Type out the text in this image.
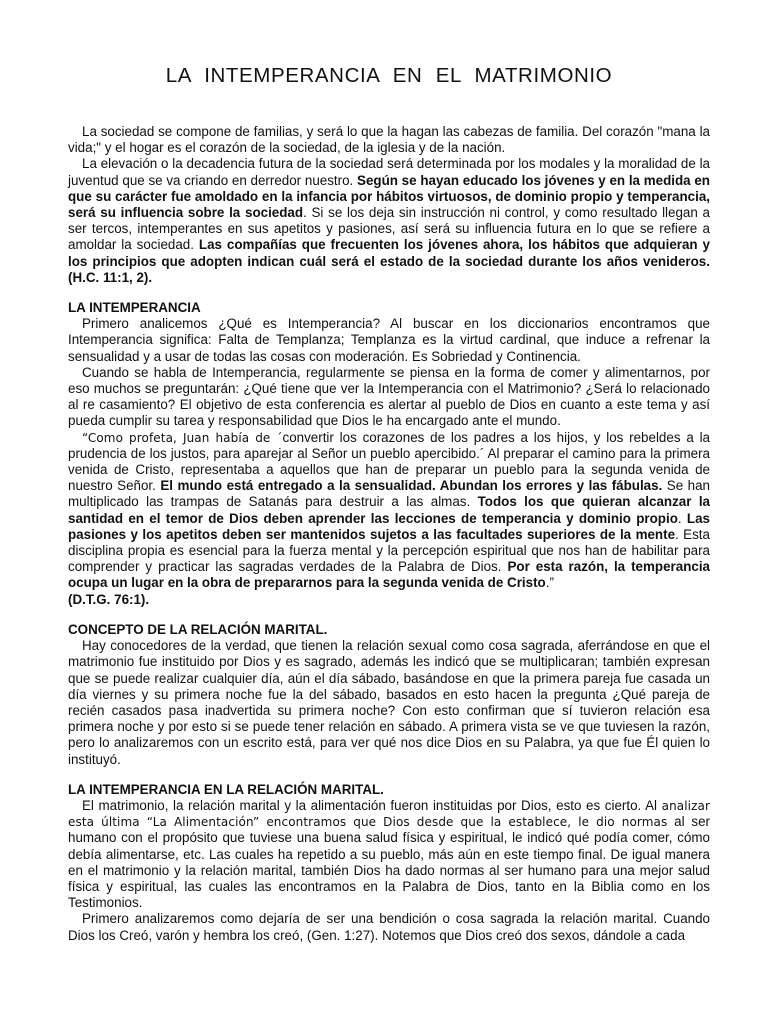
LA INTEMPERANCIA EN EL MATRIMONIO

La sociedad se compone de familias, y será lo que la hagan las cabezas de familia. Del corazón "mana la vida;" y el hogar es el corazón de la sociedad, de la iglesia y de la nación.

La elevación o la decadencia futura de la sociedad será determinada por los modales y la moralidad de la juventud que se va criando en derredor nuestro. Según se hayan educado los jóvenes y en la medida en que su carácter fue amoldado en la infancia por hábitos virtuosos, de dominio propio y temperancia, será su influencia sobre la sociedad. Si se los deja sin instrucción ni control, y como resultado llegan a ser tercos, intemperantes en sus apetitos y pasiones, así será su influencia futura en lo que se refiere a amoldar la sociedad. Las compañías que frecuenten los jóvenes ahora, los hábitos que adquieran y los principios que adopten indican cuál será el estado de la sociedad durante los años venideros. (H.C. 11:1, 2).

LA INTEMPERANCIA

Primero analicemos ¿Qué es Intemperancia? Al buscar en los diccionarios encontramos que Intemperancia significa: Falta de Templanza; Templanza es la virtud cardinal, que induce a refrenar la sensualidad y a usar de todas las cosas con moderación. Es Sobriedad y Continencia.

Cuando se habla de Intemperancia, regularmente se piensa en la forma de comer y alimentarnos, por eso muchos se preguntarán: ¿Qué tiene que ver la Intemperancia con el Matrimonio? ¿Será lo relacionado al re casamiento? El objetivo de esta conferencia es alertar al pueblo de Dios en cuanto a este tema y así pueda cumplir su tarea y responsabilidad que Dios le ha encargado ante el mundo.

“Como profeta, Juan había de ´convertir los corazones de los padres a los hijos, y los rebeldes a la prudencia de los justos, para aparejar al Señor un pueblo apercibido.´ Al preparar el camino para la primera venida de Cristo, representaba a aquellos que han de preparar un pueblo para la segunda venida de nuestro Señor. El mundo está entregado a la sensualidad. Abundan los errores y las fábulas. Se han multiplicado las trampas de Satanás para destruir a las almas. Todos los que quieran alcanzar la santidad en el temor de Dios deben aprender las lecciones de temperancia y dominio propio. Las pasiones y los apetitos deben ser mantenidos sujetos a las facultades superiores de la mente. Esta disciplina propia es esencial para la fuerza mental y la percepción espiritual que nos han de habilitar para comprender y practicar las sagradas verdades de la Palabra de Dios. Por esta razón, la temperancia ocupa un lugar en la obra de prepararnos para la segunda venida de Cristo.”
(D.T.G. 76:1).

CONCEPTO DE LA RELACIÓN MARITAL.

Hay conocedores de la verdad, que tienen la relación sexual como cosa sagrada, aferrándose en que el matrimonio fue instituido por Dios y es sagrado, además les indicó que se multiplicaran; también expresan que se puede realizar cualquier día, aún el día sábado, basándose en que la primera pareja fue casada un día viernes y su primera noche fue la del sábado, basados en esto hacen la pregunta ¿Qué pareja de recién casados pasa inadvertida su primera noche? Con esto confirman que sí tuvieron relación esa primera noche y por esto si se puede tener relación en sábado. A primera vista se ve que tuviesen la razón, pero lo analizaremos con un escrito está, para ver qué nos dice Dios en su Palabra, ya que fue Él quien lo instituyó.

LA INTEMPERANCIA EN LA RELACIÓN MARITAL.

El matrimonio, la relación marital y la alimentación fueron instituidas por Dios, esto es cierto. Al analizar esta última “La Alimentación” encontramos que Dios desde que la establece, le dio normas al ser humano con el propósito que tuviese una buena salud física y espiritual, le indicó qué podía comer, cómo debía alimentarse, etc. Las cuales ha repetido a su pueblo, más aún en este tiempo final. De igual manera en el matrimonio y la relación marital, también Dios ha dado normas al ser humano para una mejor salud física y espiritual, las cuales las encontramos en la Palabra de Dios, tanto en la Biblia como en los Testimonios.

Primero analizaremos como dejaría de ser una bendición o cosa sagrada la relación marital. Cuando Dios los Creó, varón y hembra los creó, (Gen. 1:27). Notemos que Dios creó dos sexos, dándole a cada
